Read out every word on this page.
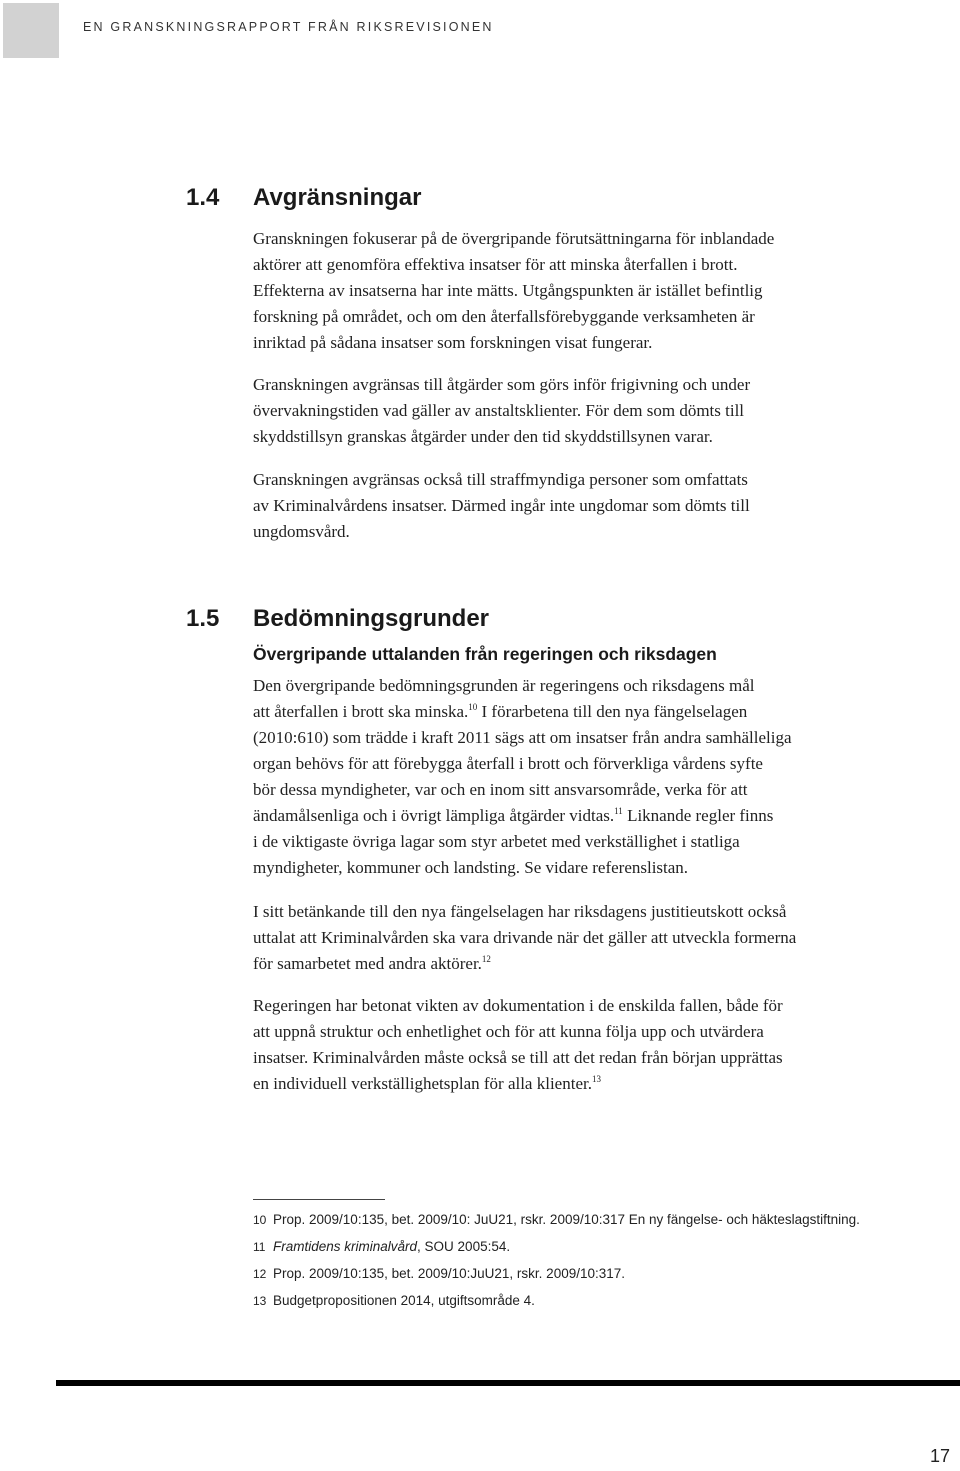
EN GRANSKNINGSRAPPORT FRÅN RIKSREVISIONEN
1.4 Avgränsningar
Granskningen fokuserar på de övergripande förutsättningarna för inblandade
aktörer att genomföra effektiva insatser för att minska återfallen i brott.
Effekterna av insatserna har inte mätts. Utgångspunkten är istället befintlig
forskning på området, och om den återfallsförebyggande verksamheten är
inriktad på sådana insatser som forskningen visat fungerar.
Granskningen avgränsas till åtgärder som görs inför frigivning och under
övervakningstiden vad gäller av anstaltsklienter. För dem som dömts till
skyddstillsyn granskas åtgärder under den tid skyddstillsynen varar.
Granskningen avgränsas också till straffmyndiga personer som omfattats
av Kriminalvårdens insatser. Därmed ingår inte ungdomar som dömts till
ungdomsvård.
1.5 Bedömningsgrunder
Övergripande uttalanden från regeringen och riksdagen
Den övergripande bedömningsgrunden är regeringens och riksdagens mål
att återfallen i brott ska minska.$^{10}$ I förarbetena till den nya fängelselagen
(2010:610) som trädde i kraft 2011 sägs att om insatser från andra samhälleliga
organ behövs för att förebygga återfall i brott och förverkliga vårdens syfte
bör dessa myndigheter, var och en inom sitt ansvarsområde, verka för att
ändamålsenliga och i övrigt lämpliga åtgärder vidtas.$^{11}$ Liknande regler finns
i de viktigaste övriga lagar som styr arbetet med verkställighet i statliga
myndigheter, kommuner och landsting. Se vidare referenslistan.
I sitt betänkande till den nya fängelselagen har riksdagens justitieutskott också
uttalat att Kriminalvården ska vara drivande när det gäller att utveckla formerna
för samarbetet med andra aktörer.$^{12}$
Regeringen har betonat vikten av dokumentation i de enskilda fallen, både för
att uppnå struktur och enhetlighet och för att kunna följa upp och utvärdera
insatser. Kriminalvården måste också se till att det redan från början upprättas
en individuell verkställighetsplan för alla klienter.$^{13}$
10 Prop. 2009/10:135, bet. 2009/10: JuU21, rskr. 2009/10:317 En ny fängelse- och häkteslagstiftning.
11 Framtidens kriminalvård, SOU 2005:54.
12 Prop. 2009/10:135, bet. 2009/10:JuU21, rskr. 2009/10:317.
13 Budgetpropositionen 2014, utgiftsområde 4.
17
